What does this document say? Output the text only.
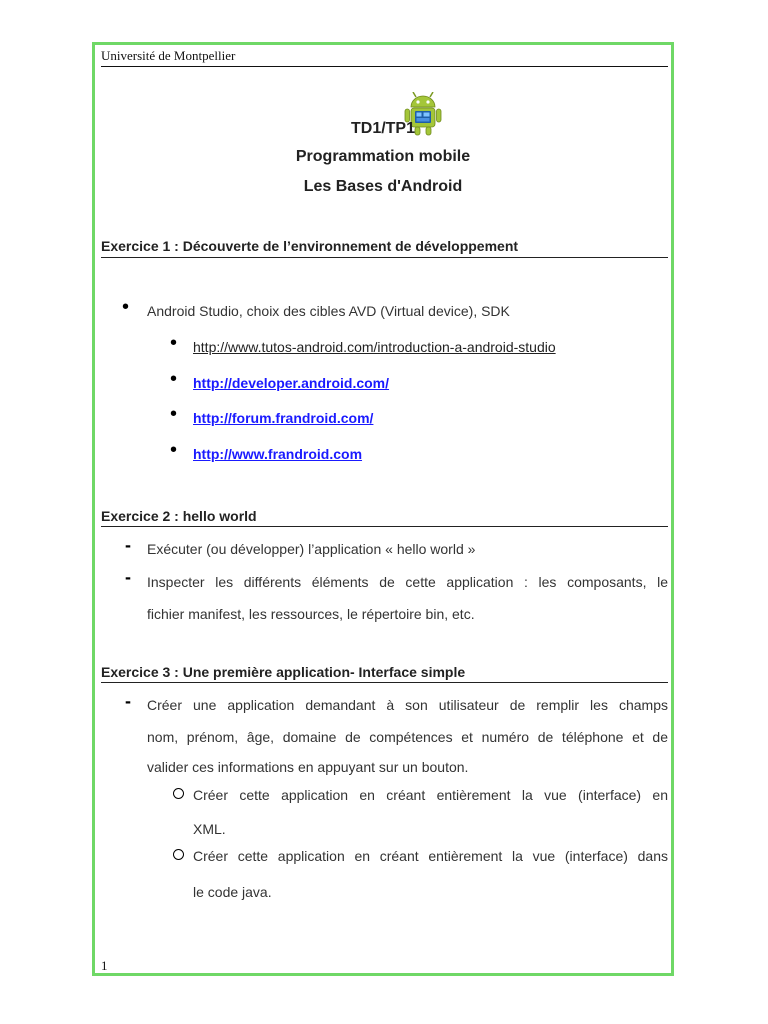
Université de Montpellier
TD1/TP1
Programmation mobile
Les Bases d'Android
Exercice 1 : Découverte de l’environnement de développement
• Android Studio, choix des cibles AVD (Virtual device), SDK
• http://www.tutos-android.com/introduction-a-android-studio
• http://developer.android.com/
• http://forum.frandroid.com/
• http://www.frandroid.com
Exercice 2 : hello world
- Exécuter (ou développer) l’application « hello world »
- Inspecter les différents éléments de cette application : les composants, le
fichier manifest, les ressources, le répertoire bin, etc.
Exercice 3 : Une première application- Interface simple
- Créer une application demandant à son utilisateur de remplir les champs
nom, prénom, âge, domaine de compétences et numéro de téléphone et de
valider ces informations en appuyant sur un bouton.
Créer cette application en créant entièrement la vue (interface) en
XML.
Créer cette application en créant entièrement la vue (interface) dans
le code java.
1
